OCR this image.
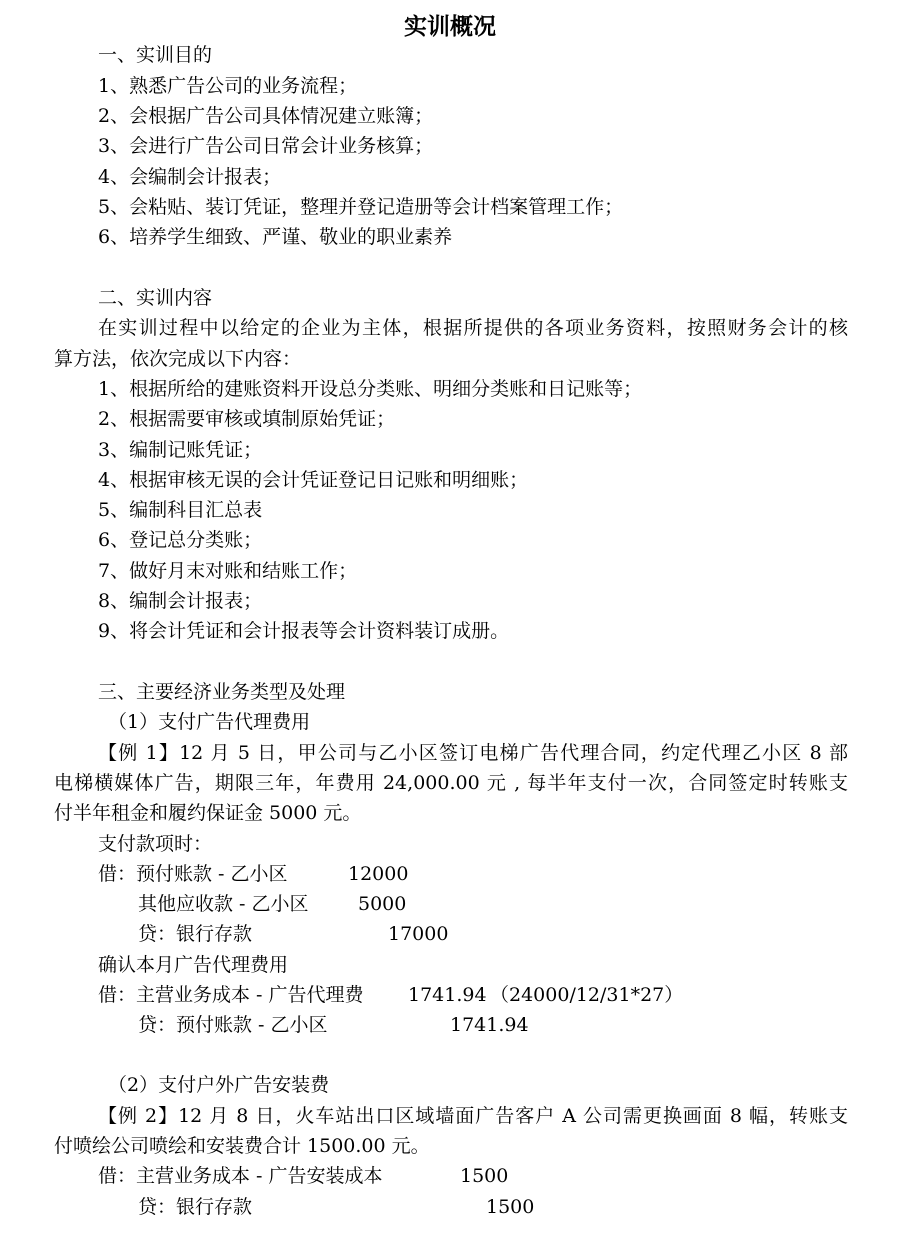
实训概况
一、实训目的
1、熟悉广告公司的业务流程；
2、会根据广告公司具体情况建立账簿；
3、会进行广告公司日常会计业务核算；
4、会编制会计报表；
5、会粘贴、装订凭证，整理并登记造册等会计档案管理工作；
6、培养学生细致、严谨、敬业的职业素养
二、实训内容
在实训过程中以给定的企业为主体，根据所提供的各项业务资料，按照财务会计的核
算方法，依次完成以下内容：
1、根据所给的建账资料开设总分类账、明细分类账和日记账等；
2、根据需要审核或填制原始凭证；
3、编制记账凭证；
4、根据审核无误的会计凭证登记日记账和明细账；
5、编制科目汇总表
6、登记总分类账；
7、做好月末对账和结账工作；
8、编制会计报表；
9、将会计凭证和会计报表等会计资料装订成册。
三、主要经济业务类型及处理
（1）支付广告代理费用
【例 1】12 月 5 日，甲公司与乙小区签订电梯广告代理合同，约定代理乙小区 8 部
电梯横媒体广告，期限三年，年费用 24,000.00 元 , 每半年支付一次，合同签定时转账支
付半年租金和履约保证金 5000 元。
支付款项时：
借：预付账款 - 乙小区	12000
其他应收款 - 乙小区	5000
贷：银行存款	17000
确认本月广告代理费用
借：主营业务成本 - 广告代理费	1741.94 （24000/12/31*27）
贷：预付账款 - 乙小区	1741.94
（2）支付户外广告安装费
【例 2】12 月 8 日，火车站出口区域墙面广告客户 A 公司需更换画面 8 幅，转账支
付喷绘公司喷绘和安装费合计 1500.00 元。
借：主营业务成本 - 广告安装成本	1500
贷：银行存款	1500
